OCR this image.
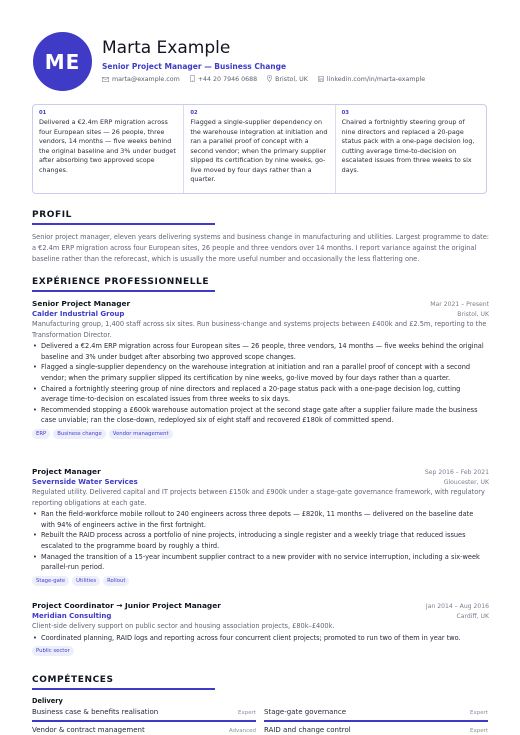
ME
Marta Example
Senior Project Manager — Business Change
marta@example.com	+44 20 7946 0688	Bristol, UK	linkedin.com/in/marta-example
01
Delivered a €2.4m ERP migration across four European sites — 26 people, three vendors, 14 months — five weeks behind the original baseline and 3% under budget after absorbing two approved scope changes.
02
Flagged a single-supplier dependency on the warehouse integration at initiation and ran a parallel proof of concept with a second vendor; when the primary supplier slipped its certification by nine weeks, go-live moved by four days rather than a quarter.
03
Chaired a fortnightly steering group of nine directors and replaced a 20-page status pack with a one-page decision log, cutting average time-to-decision on escalated issues from three weeks to six days.
PROFIL
Senior project manager, eleven years delivering systems and business change in manufacturing and utilities. Largest programme to date: a €2.4m ERP migration across four European sites, 26 people and three vendors over 14 months. I report variance against the original baseline rather than the reforecast, which is usually the more useful number and occasionally the less flattering one.
EXPÉRIENCE PROFESSIONNELLE
Senior Project Manager	Mar 2021 – Present
Calder Industrial Group	Bristol, UK
Manufacturing group, 1,400 staff across six sites. Run business-change and systems projects between £400k and £2.5m, reporting to the Transformation Director.
• Delivered a €2.4m ERP migration across four European sites — 26 people, three vendors, 14 months — five weeks behind the original baseline and 3% under budget after absorbing two approved scope changes.
• Flagged a single-supplier dependency on the warehouse integration at initiation and ran a parallel proof of concept with a second vendor; when the primary supplier slipped its certification by nine weeks, go-live moved by four days rather than a quarter.
• Chaired a fortnightly steering group of nine directors and replaced a 20-page status pack with a one-page decision log, cutting average time-to-decision on escalated issues from three weeks to six days.
• Recommended stopping a £600k warehouse automation project at the second stage gate after a supplier failure made the business case unviable; ran the close-down, redeployed six of eight staff and recovered £180k of committed spend.
ERP	Business change	Vendor management
Project Manager	Sep 2016 – Feb 2021
Severnside Water Services	Gloucester, UK
Regulated utility. Delivered capital and IT projects between £150k and £900k under a stage-gate governance framework, with regulatory reporting obligations at each gate.
• Ran the field-workforce mobile rollout to 240 engineers across three depots — £820k, 11 months — delivered on the baseline date with 94% of engineers active in the first fortnight.
• Rebuilt the RAID process across a portfolio of nine projects, introducing a single register and a weekly triage that reduced issues escalated to the programme board by roughly a third.
• Managed the transition of a 15-year incumbent supplier contract to a new provider with no service interruption, including a six-week parallel-run period.
Stage-gate	Utilities	Rollout
Project Coordinator → Junior Project Manager	Jan 2014 – Aug 2016
Meridian Consulting	Cardiff, UK
Client-side delivery support on public sector and housing association projects, £80k–£400k.
• Coordinated planning, RAID logs and reporting across four concurrent client projects; promoted to run two of them in year two.
Public sector
COMPÉTENCES
Delivery
Business case & benefits realisation	Expert Stage-gate governance	Expert
Vendor & contract management	Advanced RAID and change control	Expert
